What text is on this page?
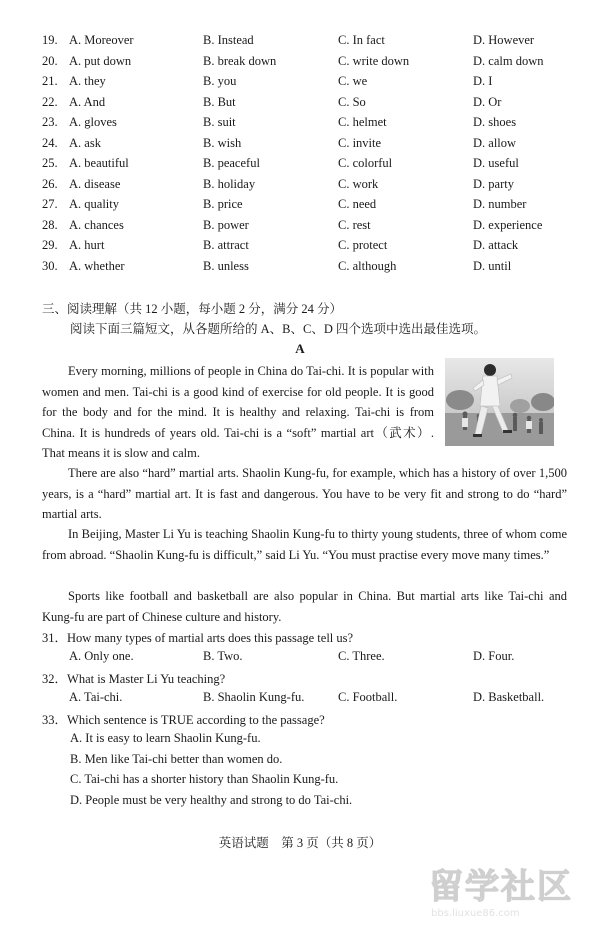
19. A. Moreover	B. Instead	C. In fact	D. However
20. A. put down	B. break down	C. write down	D. calm down
21. A. they	B. you	C. we	D. I
22. A. And	B. But	C. So	D. Or
23. A. gloves	B. suit	C. helmet	D. shoes
24. A. ask	B. wish	C. invite	D. allow
25. A. beautiful	B. peaceful	C. colorful	D. useful
26. A. disease	B. holiday	C. work	D. party
27. A. quality	B. price	C. need	D. number
28. A. chances	B. power	C. rest	D. experience
29. A. hurt	B. attract	C. protect	D. attack
30. A. whether	B. unless	C. although	D. until
三、阅读理解（共 12 小题，每小题 2 分，满分 24 分）
阅读下面三篇短文，从各题所给的 A、B、C、D 四个选项中选出最佳选项。
A

Every morning, millions of people in China do Tai-chi. It is popular with women and men. Tai-chi is a good kind of exercise for old people. It is good for the body and for the mind. It is healthy and relaxing. Tai-chi is from China. It is hundreds of years old. Tai-chi is a “soft” martial art（武术）. That means it is slow and calm.

There are also “hard” martial arts. Shaolin Kung-fu, for example, which has a history of over 1,500 years, is a “hard” martial art. It is fast and dangerous. You have to be very fit and strong to do “hard” martial arts.

In Beijing, Master Li Yu is teaching Shaolin Kung-fu to thirty young students, three of whom come from abroad. “Shaolin Kung-fu is difficult,” said Li Yu. “You must practise every move many times.”

Sports like football and basketball are also popular in China. But martial arts like Tai-chi and Kung-fu are part of Chinese culture and history.

31．How many types of martial arts does this passage tell us?
A. Only one.	B. Two.	C. Three.	D. Four.
32．What is Master Li Yu teaching?
A. Tai-chi.	B. Shaolin Kung-fu.	C. Football.	D. Basketball.
33．Which sentence is TRUE according to the passage?
A. It is easy to learn Shaolin Kung-fu.
B. Men like Tai-chi better than women do.
C. Tai-chi has a shorter history than Shaolin Kung-fu.
D. People must be very healthy and strong to do Tai-chi.
英语试题　第 3 页（共 8 页）
留学社区
bbs.liuxue86.com
